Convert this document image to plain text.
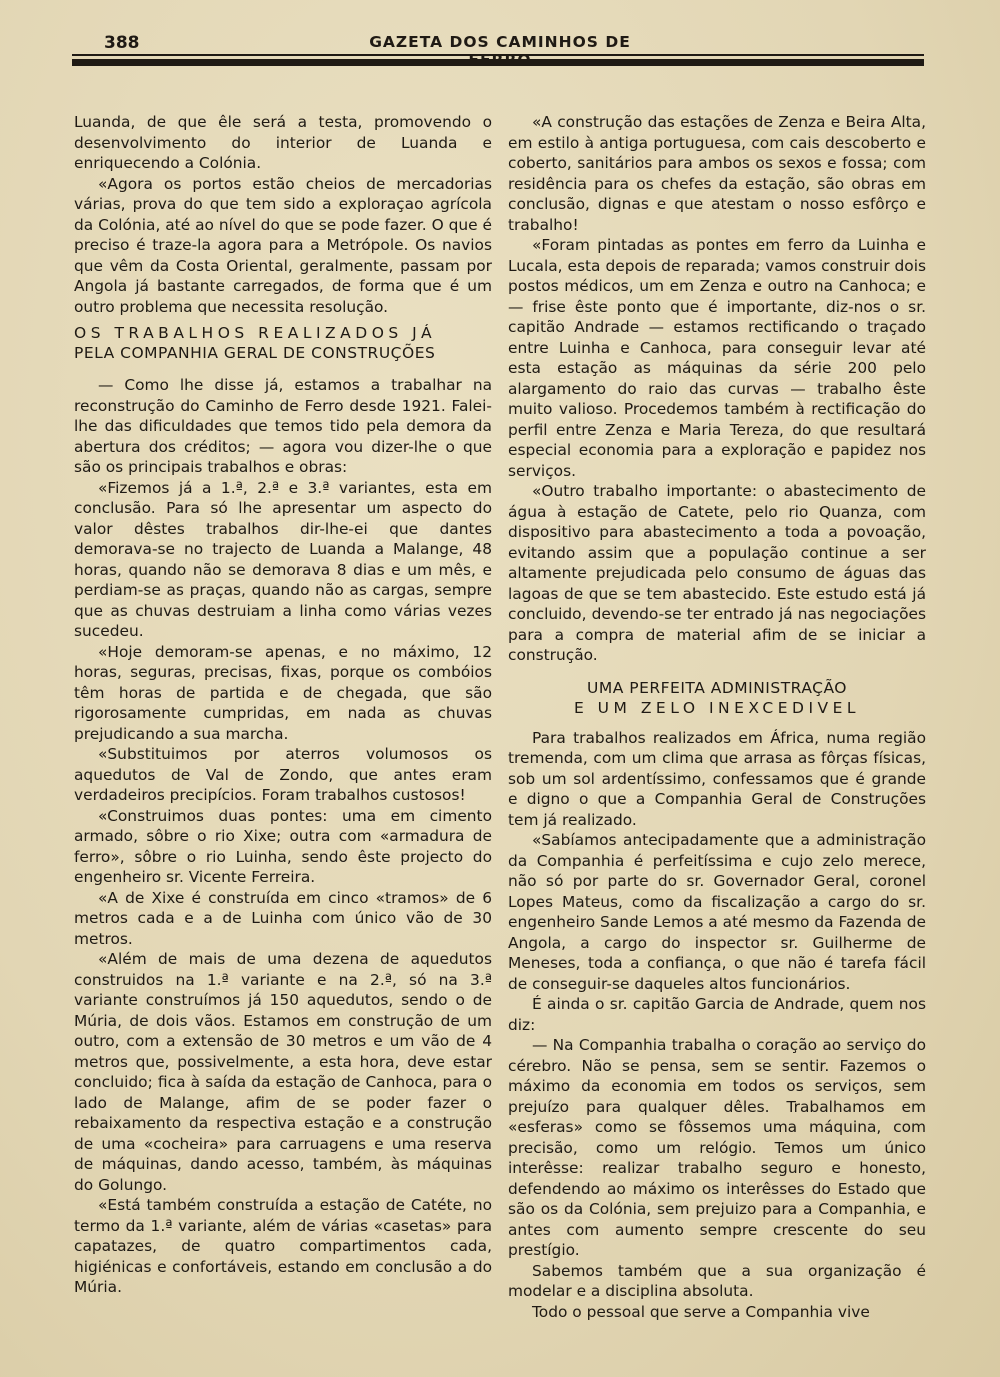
388	GAZETA DOS CAMINHOS DE

Luanda, de que êle será a testa, promovendo o desenvolvimento do interior de Luanda e enriquecendo a Colónia.

«Agora os portos estão cheios de mercadorias várias, prova do que tem sido a exploraçao agrícola da Colónia, até ao nível do que se pode fazer. O que é preciso é traze-la agora para a Metrópole. Os navios que vêm da Costa Oriental, geralmente, passam por Angola já bastante carregados, de forma que é um outro problema que necessita resolução.

OS TRABALHOS REALIZADOS JÁ
PELA COMPANHIA GERAL DE CONSTRUÇÕES

— Como lhe disse já, estamos a trabalhar na reconstrução do Caminho de Ferro desde 1921. Falei-lhe das dificuldades que temos tido pela demora da abertura dos créditos; — agora vou dizer-lhe o que são os principais trabalhos e obras:

«Fizemos já a 1.ª, 2.ª e 3.ª variantes, esta em conclusão. Para só lhe apresentar um aspecto do valor dêstes trabalhos dir-lhe-ei que dantes demorava-se no trajecto de Luanda a Malange, 48 horas, quando não se demorava 8 dias e um mês, e perdiam-se as praças, quando não as cargas, sempre que as chuvas destruiam a linha como várias vezes sucedeu.

«Hoje demoram-se apenas, e no máximo, 12 horas, seguras, precisas, fixas, porque os combóios têm horas de partida e de chegada, que são rigorosamente cumpridas, em nada as chuvas prejudicando a sua marcha.

«Substituimos por aterros volumosos os aquedutos de Val de Zondo, que antes eram verdadeiros precipícios. Foram trabalhos custosos!

«Construimos duas pontes: uma em cimento armado, sôbre o rio Xixe; outra com «armadura de ferro», sôbre o rio Luinha, sendo êste projecto do engenheiro sr. Vicente Ferreira.

«A de Xixe é construída em cinco «tramos» de 6 metros cada e a de Luinha com único vão de 30 metros.

«Além de mais de uma dezena de aquedutos construidos na 1.ª variante e na 2.ª, só na 3.ª variante construímos já 150 aquedutos, sendo o de Múria, de dois vãos. Estamos em construção de um outro, com a extensão de 30 metros e um vão de 4 metros que, possivelmente, a esta hora, deve estar concluido; fica à saída da estação de Canhoca, para o lado de Malange, afim de se poder fazer o rebaixamento da respectiva estação e a construção de uma «cocheira» para carruagens e uma reserva de máquinas, dando acesso, também, às máquinas do Golungo.

«Está também construída a estação de Catéte, no termo da 1.ª variante, além de várias «casetas» para capatazes, de quatro compartimentos cada, higiénicas e confortáveis, estando em conclusão a do Múria.

«A construção das estações de Zenza e Beira Alta, em estilo à antiga portuguesa, com cais descoberto e coberto, sanitários para ambos os sexos e fossa; com residência para os chefes da estação, são obras em conclusão, dignas e que atestam o nosso esfôrço e trabalho!

«Foram pintadas as pontes em ferro da Luinha e Lucala, esta depois de reparada; vamos construir dois postos médicos, um em Zenza e outro na Canhoca; e — frise êste ponto que é importante, diz-nos o sr. capitão Andrade — estamos rectificando o traçado entre Luinha e Canhoca, para conseguir levar até esta estação as máquinas da série 200 pelo alargamento do raio das curvas — trabalho êste muito valioso. Procedemos também à rectificação do perfil entre Zenza e Maria Tereza, do que resultará especial economia para a exploração e papidez nos serviços.

«Outro trabalho importante: o abastecimento de água à estação de Catete, pelo rio Quanza, com dispositivo para abastecimento a toda a povoação, evitando assim que a população continue a ser altamente prejudicada pelo consumo de águas das lagoas de que se tem abastecido. Este estudo está já concluido, devendo-se ter entrado já nas negociações para a compra de material afim de se iniciar a construção.

UMA PERFEITA ADMINISTRAÇÃO
E UM ZELO INEXCEDIVEL

Para trabalhos realizados em África, numa região tremenda, com um clima que arrasa as fôrças físicas, sob um sol ardentíssimo, confessamos que é grande e digno o que a Companhia Geral de Construções tem já realizado.

«Sabíamos antecipadamente que a administração da Companhia é perfeitíssima e cujo zelo merece, não só por parte do sr. Governador Geral, coronel Lopes Mateus, como da fiscalização a cargo do sr. engenheiro Sande Lemos a até mesmo da Fazenda de Angola, a cargo do inspector sr. Guilherme de Meneses, toda a confiança, o que não é tarefa fácil de conseguir-se daqueles altos funcionários.

É ainda o sr. capitão Garcia de Andrade, quem nos diz:

— Na Companhia trabalha o coração ao serviço do cérebro. Não se pensa, sem se sentir. Fazemos o máximo da economia em todos os serviços, sem prejuízo para qualquer dêles. Trabalhamos em «esferas» como se fôssemos uma máquina, com precisão, como um relógio. Temos um único interêsse: realizar trabalho seguro e honesto, defendendo ao máximo os interêsses do Estado que são os da Colónia, sem prejuizo para a Companhia, e antes com aumento sempre crescente do seu prestígio.

Sabemos também que a sua organização é modelar e a disciplina absoluta.

Todo o pessoal que serve a Companhia vive
